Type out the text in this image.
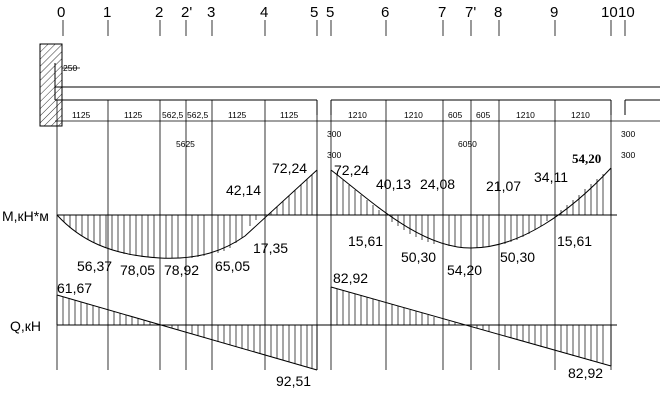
0	1	2 2' 3	4	5 5	6	7 7' 8	9	10 10
250
1125	1125 562,5 562,5 1125	1125
5625
1210	1210	605 605	1210	1210
6050
300
300
300
300
M,кН*м
56,37 78,05 78,92 65,05
17,35
42,14
72,24 72,24
40,13 24,08 21,07
34,11
54,20
15,61
50,30
54,20
50,30
15,61
Q,кН
61,67
92,51
82,92
82,92
